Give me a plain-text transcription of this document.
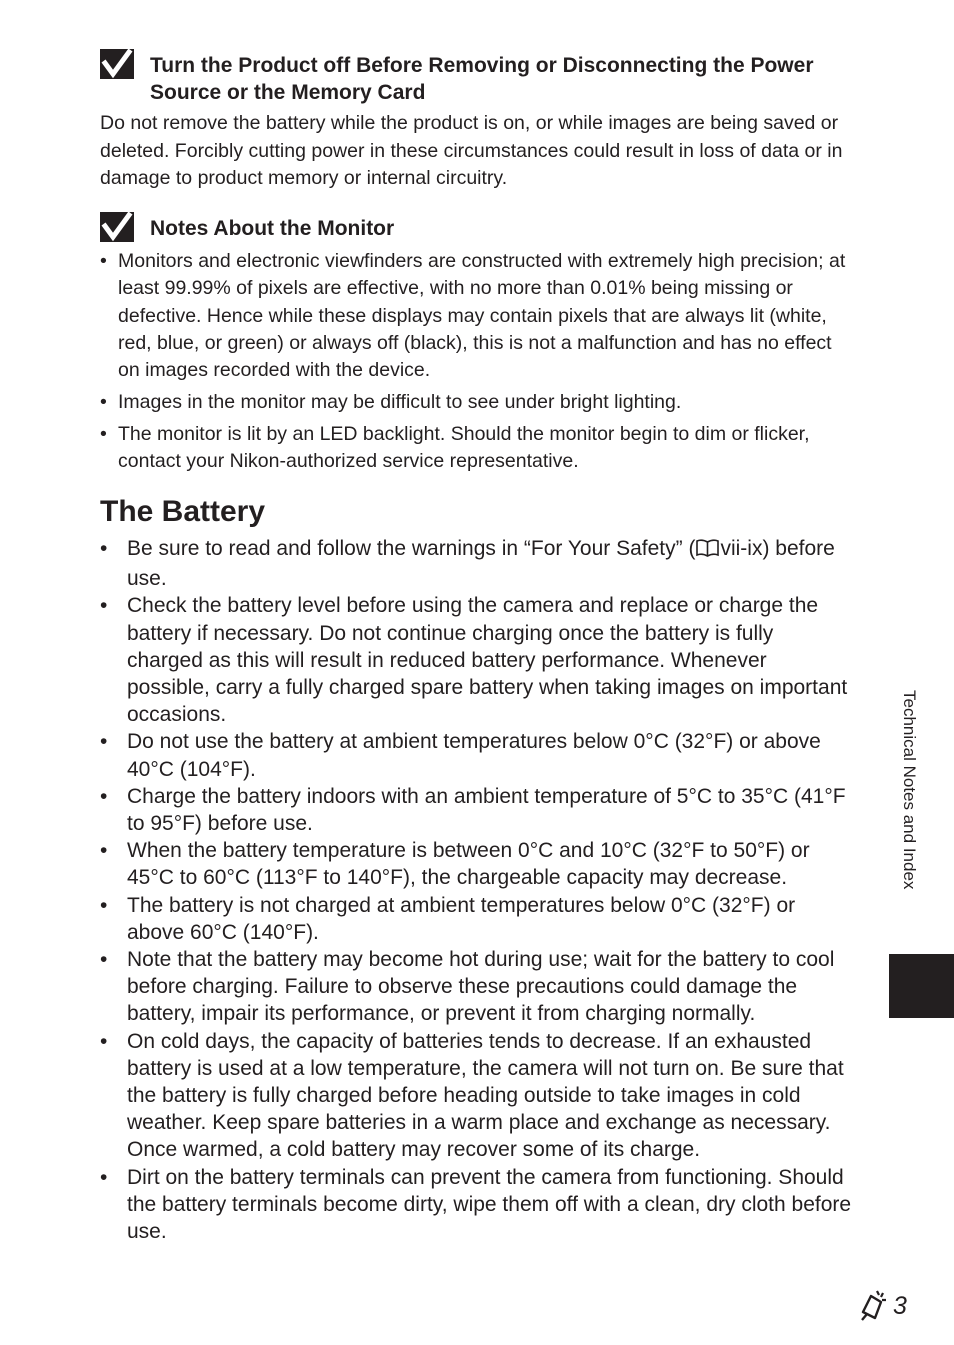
Turn the Product off Before Removing or Disconnecting the Power Source or the Memory Card
Do not remove the battery while the product is on, or while images are being saved or deleted. Forcibly cutting power in these circumstances could result in loss of data or in damage to product memory or internal circuitry.
Notes About the Monitor
• Monitors and electronic viewfinders are constructed with extremely high precision; at least 99.99% of pixels are effective, with no more than 0.01% being missing or defective. Hence while these displays may contain pixels that are always lit (white, red, blue, or green) or always off (black), this is not a malfunction and has no effect on images recorded with the device.
• Images in the monitor may be difficult to see under bright lighting.
• The monitor is lit by an LED backlight. Should the monitor begin to dim or flicker, contact your Nikon-authorized service representative.
The Battery
• Be sure to read and follow the warnings in “For Your Safety” ( vii-ix) before use.
• Check the battery level before using the camera and replace or charge the battery if necessary. Do not continue charging once the battery is fully charged as this will result in reduced battery performance. Whenever possible, carry a fully charged spare battery when taking images on important occasions.
• Do not use the battery at ambient temperatures below 0°C (32°F) or above 40°C (104°F).
• Charge the battery indoors with an ambient temperature of 5°C to 35°C (41°F to 95°F) before use.
• When the battery temperature is between 0°C and 10°C (32°F to 50°F) or 45°C to 60°C (113°F to 140°F), the chargeable capacity may decrease.
• The battery is not charged at ambient temperatures below 0°C (32°F) or above 60°C (140°F).
• Note that the battery may become hot during use; wait for the battery to cool before charging. Failure to observe these precautions could damage the battery, impair its performance, or prevent it from charging normally.
• On cold days, the capacity of batteries tends to decrease. If an exhausted battery is used at a low temperature, the camera will not turn on. Be sure that the battery is fully charged before heading outside to take images in cold weather. Keep spare batteries in a warm place and exchange as necessary. Once warmed, a cold battery may recover some of its charge.
• Dirt on the battery terminals can prevent the camera from functioning. Should the battery terminals become dirty, wipe them off with a clean, dry cloth before use.
Technical Notes and Index
3
